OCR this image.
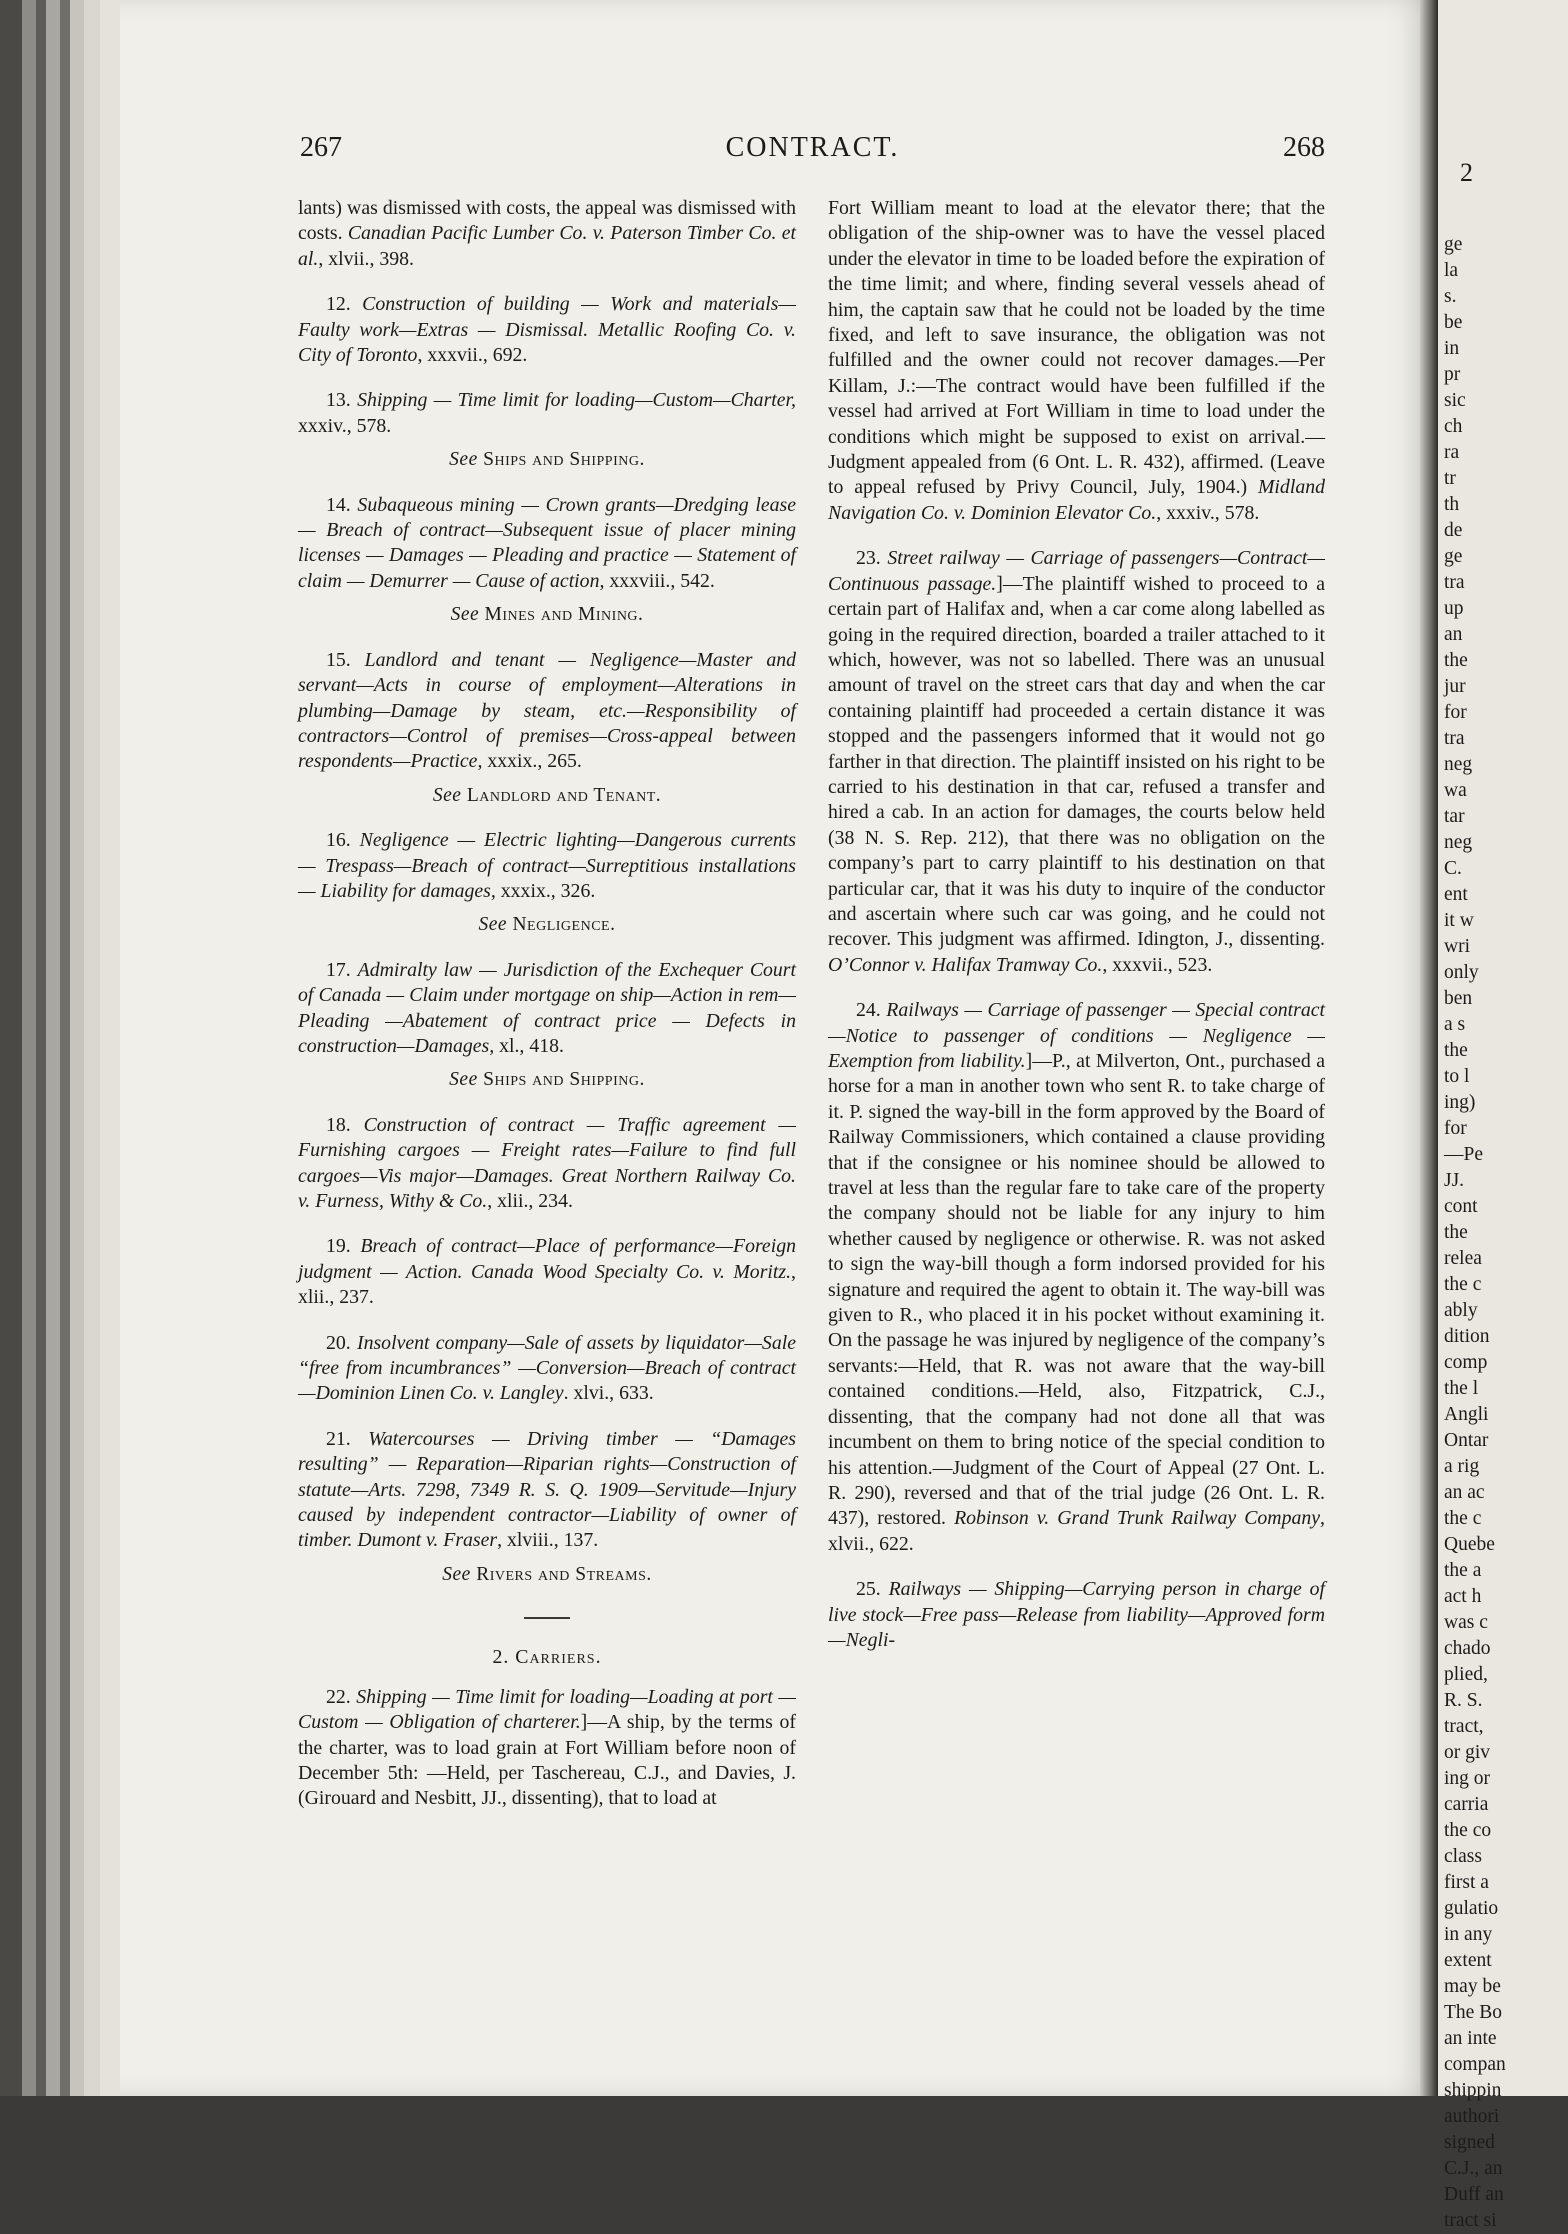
2
ge
la
s.
be
in
pr
sic
ch
ra
tr
th
de
ge
tra
up
an
the
jur
for
tra
neg
wa
tar
neg
C.
ent
it w
wri
only
ben
a s
the
to l
ing)
for
—Pe
JJ.
cont
the
relea
the c
ably
dition
comp
the l
Angli
Ontar
a rig
an ac
the c
Quebe
the a
act h
was c
chado
plied,
R. S.
tract,
or giv
ing or
carria
the co
class
first a
gulatio
in any
extent
may be
The Bo
an inte
compan
shippin
authori
signed
C.J., an
Duff an
tract si
267	CONTRACT.	268

lants) was dismissed with costs, the appeal was dismissed with costs. Canadian Pacific Lumber Co. v. Paterson Timber Co. et al., xlvii., 398.

12. Construction of building — Work and materials—Faulty work—Extras — Dismissal. Metallic Roofing Co. v. City of Toronto, xxxvii., 692.

13. Shipping — Time limit for loading—Custom—Charter, xxxiv., 578.

See Ships and Shipping.

14. Subaqueous mining — Crown grants—Dredging lease — Breach of contract—Subsequent issue of placer mining licenses — Damages — Pleading and practice — Statement of claim — Demurrer — Cause of action, xxxviii., 542.

See Mines and Mining.

15. Landlord and tenant — Negligence—Master and servant—Acts in course of employment—Alterations in plumbing—Damage by steam, etc.—Responsibility of contractors—Control of premises—Cross-appeal between respondents—Practice, xxxix., 265.

See Landlord and Tenant.

16. Negligence — Electric lighting—Dangerous currents — Trespass—Breach of contract—Surreptitious installations — Liability for damages, xxxix., 326.

See Negligence.

17. Admiralty law — Jurisdiction of the Exchequer Court of Canada — Claim under mortgage on ship—Action in rem—Pleading —Abatement of contract price — Defects in construction—Damages, xl., 418.

See Ships and Shipping.

18. Construction of contract — Traffic agreement — Furnishing cargoes — Freight rates—Failure to find full cargoes—Vis major—Damages. Great Northern Railway Co. v. Furness, Withy & Co., xlii., 234.

19. Breach of contract—Place of performance—Foreign judgment — Action. Canada Wood Specialty Co. v. Moritz., xlii., 237.

20. Insolvent company—Sale of assets by liquidator—Sale “free from incumbrances” —Conversion—Breach of contract—Dominion Linen Co. v. Langley. xlvi., 633.

21. Watercourses — Driving timber — “Damages resulting” — Reparation—Riparian rights—Construction of statute—Arts. 7298, 7349 R. S. Q. 1909—Servitude—Injury caused by independent contractor—Liability of owner of timber. Dumont v. Fraser, xlviii., 137.

See Rivers and Streams.
2. Carriers.

22. Shipping — Time limit for loading—Loading at port — Custom — Obligation of charterer.]—A ship, by the terms of the charter, was to load grain at Fort William before noon of December 5th: —Held, per Taschereau, C.J., and Davies, J. (Girouard and Nesbitt, JJ., dissenting), that to load at

Fort William meant to load at the elevator there; that the obligation of the ship-owner was to have the vessel placed under the elevator in time to be loaded before the expiration of the time limit; and where, finding several vessels ahead of him, the captain saw that he could not be loaded by the time fixed, and left to save insurance, the obligation was not fulfilled and the owner could not recover damages.—Per Killam, J.:—The contract would have been fulfilled if the vessel had arrived at Fort William in time to load under the conditions which might be supposed to exist on arrival.—Judgment appealed from (6 Ont. L. R. 432), affirmed. (Leave to appeal refused by Privy Council, July, 1904.) Midland Navigation Co. v. Dominion Elevator Co., xxxiv., 578.

23. Street railway — Carriage of passengers—Contract—Continuous passage.]—The plaintiff wished to proceed to a certain part of Halifax and, when a car come along labelled as going in the required direction, boarded a trailer attached to it which, however, was not so labelled. There was an unusual amount of travel on the street cars that day and when the car containing plaintiff had proceeded a certain distance it was stopped and the passengers informed that it would not go farther in that direction. The plaintiff insisted on his right to be carried to his destination in that car, refused a transfer and hired a cab. In an action for damages, the courts below held (38 N. S. Rep. 212), that there was no obligation on the company’s part to carry plaintiff to his destination on that particular car, that it was his duty to inquire of the conductor and ascertain where such car was going, and he could not recover. This judgment was affirmed. Idington, J., dissenting. O’Connor v. Halifax Tramway Co., xxxvii., 523.

24. Railways — Carriage of passenger — Special contract—Notice to passenger of conditions — Negligence — Exemption from liability.]—P., at Milverton, Ont., purchased a horse for a man in another town who sent R. to take charge of it. P. signed the way-bill in the form approved by the Board of Railway Commissioners, which contained a clause providing that if the consignee or his nominee should be allowed to travel at less than the regular fare to take care of the property the company should not be liable for any injury to him whether caused by negligence or otherwise. R. was not asked to sign the way-bill though a form indorsed provided for his signature and required the agent to obtain it. The way-bill was given to R., who placed it in his pocket without examining it. On the passage he was injured by negligence of the company’s servants:—Held, that R. was not aware that the way-bill contained conditions.—Held, also, Fitzpatrick, C.J., dissenting, that the company had not done all that was incumbent on them to bring notice of the special condition to his attention.—Judgment of the Court of Appeal (27 Ont. L. R. 290), reversed and that of the trial judge (26 Ont. L. R. 437), restored. Robinson v. Grand Trunk Railway Company, xlvii., 622.

25. Railways — Shipping—Carrying person in charge of live stock—Free pass—Release from liability—Approved form—Negli-
